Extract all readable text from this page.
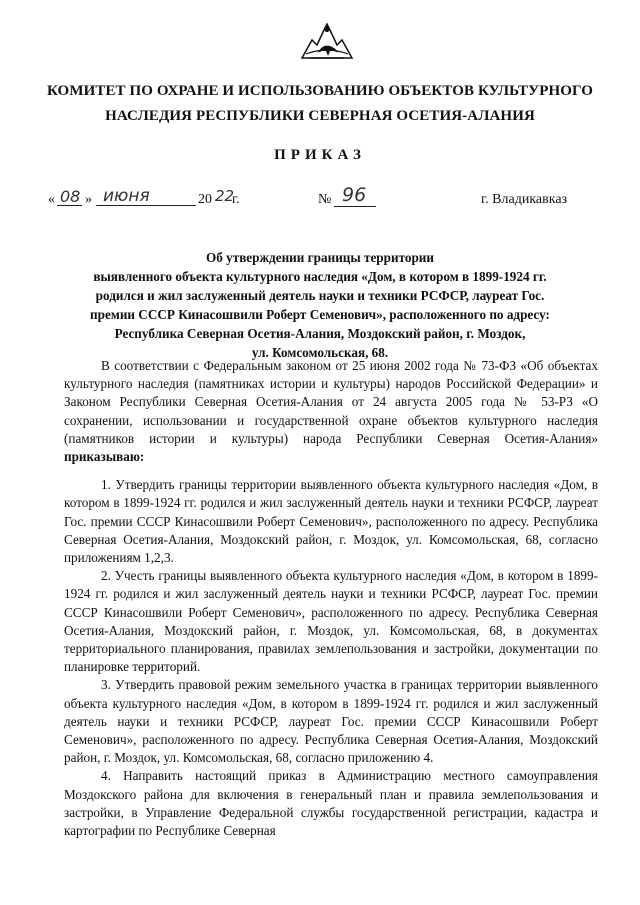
КОМИТЕТ ПО ОХРАНЕ И ИСПОЛЬЗОВАНИЮ ОБЪЕКТОВ КУЛЬТУРНОГО
НАСЛЕДИЯ РЕСПУБЛИКИ СЕВЕРНАЯ ОСЕТИЯ-АЛАНИЯ
ПРИКАЗ
« 08 » июня	20 22
г.	№ 96	г. Владикавказ
Об утверждении границы территории
выявленного объекта культурного наследия «Дом, в котором в 1899-1924 гг.
родился и жил заслуженный деятель науки и техники РСФСР, лауреат Гос.
премии СССР Кинасошвили Роберт Семенович», расположенного по адресу:
Республика Северная Осетия-Алания, Моздокский район, г. Моздок,
ул. Комсомольская, 68.

В соответствии с Федеральным законом от 25 июня 2002 года № 73-ФЗ «Об объектах культурного наследия (памятниках истории и культуры) народов Российской Федерации» и Законом Республики Северная Осетия-Алания от 24 августа 2005 года № 53-РЗ «О сохранении, использовании и государственной охране объектов культурного наследия (памятников истории и культуры) народа Республики Северная Осетия-Алания» приказываю:

1. Утвердить границы территории выявленного объекта культурного наследия «Дом, в котором в 1899-1924 гг. родился и жил заслуженный деятель науки и техники РСФСР, лауреат Гос. премии СССР Кинасошвили Роберт Семенович», расположенного по адресу. Республика Северная Осетия-Алания, Моздокский район, г. Моздок, ул. Комсомольская, 68, согласно приложениям 1,2,3.

2. Учесть границы выявленного объекта культурного наследия «Дом, в котором в 1899-1924 гг. родился и жил заслуженный деятель науки и техники РСФСР, лауреат Гос. премии СССР Кинасошвили Роберт Семенович», расположенного по адресу. Республика Северная Осетия-Алания, Моздокский район, г. Моздок, ул. Комсомольская, 68, в документах территориального планирования, правилах землепользования и застройки, документации по планировке территорий.

3. Утвердить правовой режим земельного участка в границах территории выявленного объекта культурного наследия «Дом, в котором в 1899-1924 гг. родился и жил заслуженный деятель науки и техники РСФСР, лауреат Гос. премии СССР Кинасошвили Роберт Семенович», расположенного по адресу. Республика Северная Осетия-Алания, Моздокский район, г. Моздок, ул. Комсомольская, 68, согласно приложению 4.

4. Направить настоящий приказ в Администрацию местного самоуправления Моздокского района для включения в генеральный план и правила землепользования и застройки, в Управление Федеральной службы государственной регистрации, кадастра и картографии по Республике Северная
